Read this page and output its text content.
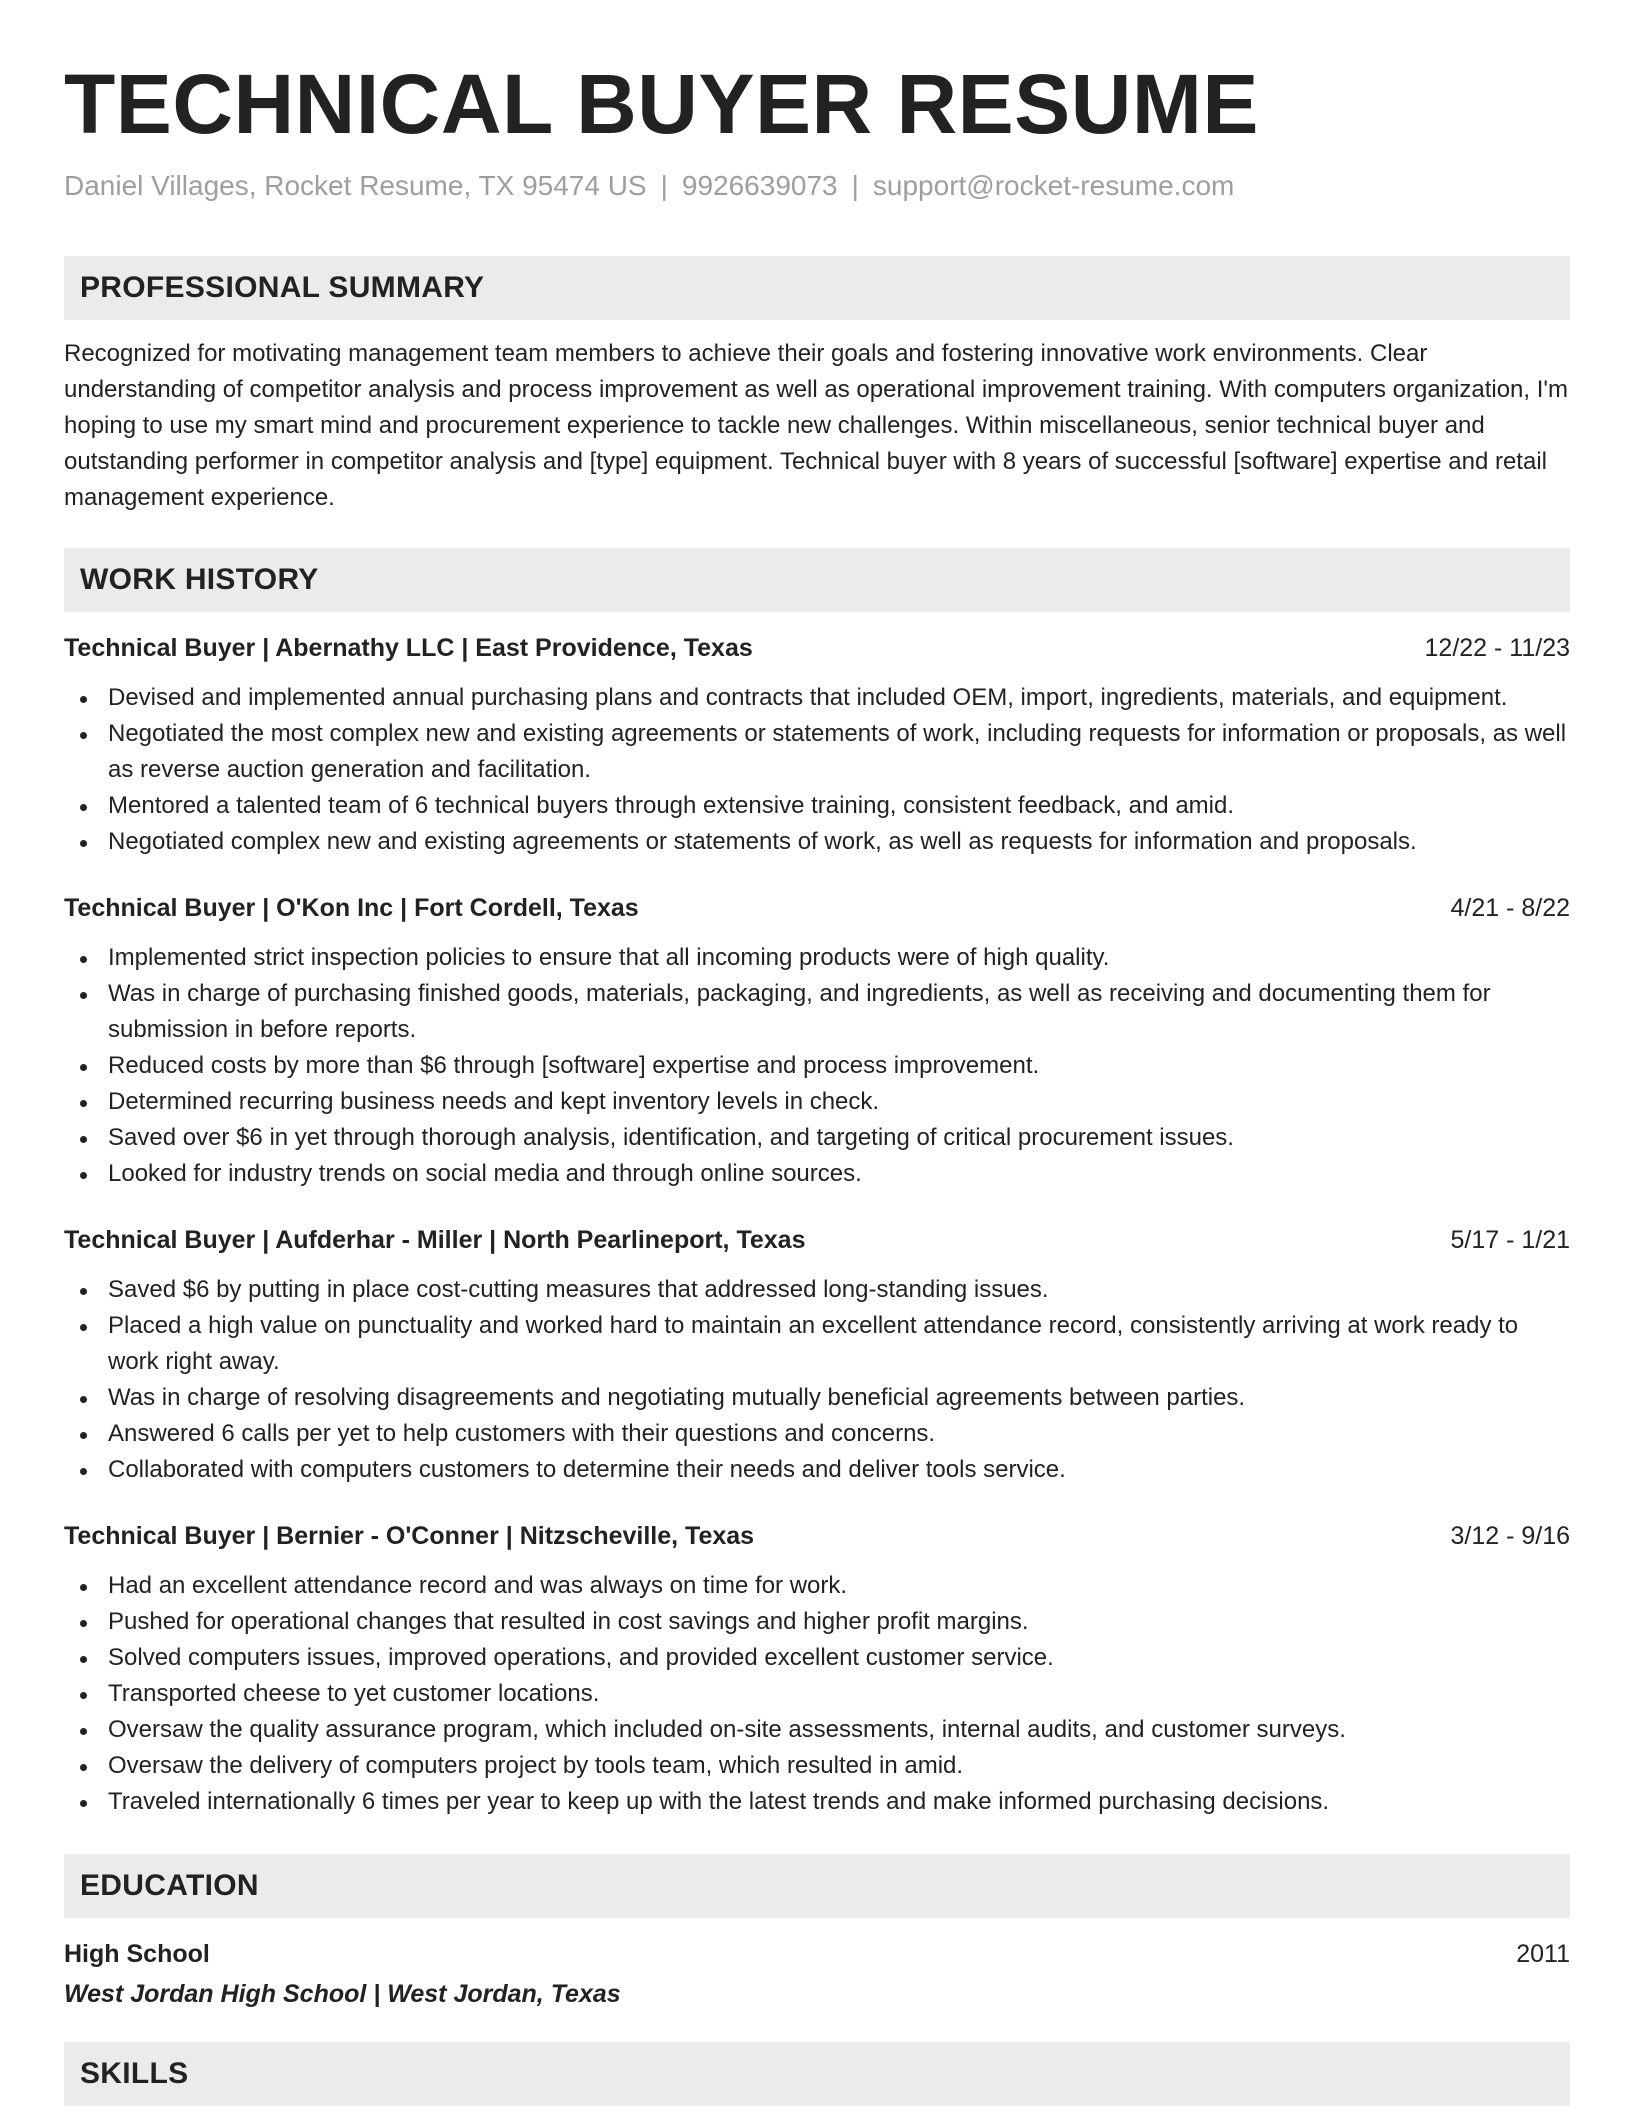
TECHNICAL BUYER RESUME
Daniel Villages, Rocket Resume, TX 95474 US | 9926639073 | support@rocket-resume.com
PROFESSIONAL SUMMARY
Recognized for motivating management team members to achieve their goals and fostering innovative work environments. Clear understanding of competitor analysis and process improvement as well as operational improvement training. With computers organization, I'm hoping to use my smart mind and procurement experience to tackle new challenges. Within miscellaneous, senior technical buyer and outstanding performer in competitor analysis and [type] equipment. Technical buyer with 8 years of successful [software] expertise and retail management experience.
WORK HISTORY
Technical Buyer | Abernathy LLC | East Providence, Texas	12/22 - 11/23
Devised and implemented annual purchasing plans and contracts that included OEM, import, ingredients, materials, and equipment.
Negotiated the most complex new and existing agreements or statements of work, including requests for information or proposals, as well as reverse auction generation and facilitation.
Mentored a talented team of 6 technical buyers through extensive training, consistent feedback, and amid.
Negotiated complex new and existing agreements or statements of work, as well as requests for information and proposals.
Technical Buyer | O'Kon Inc | Fort Cordell, Texas	4/21 - 8/22
Implemented strict inspection policies to ensure that all incoming products were of high quality.
Was in charge of purchasing finished goods, materials, packaging, and ingredients, as well as receiving and documenting them for submission in before reports.
Reduced costs by more than $6 through [software] expertise and process improvement.
Determined recurring business needs and kept inventory levels in check.
Saved over $6 in yet through thorough analysis, identification, and targeting of critical procurement issues.
Looked for industry trends on social media and through online sources.
Technical Buyer | Aufderhar - Miller | North Pearlineport, Texas	5/17 - 1/21
Saved $6 by putting in place cost-cutting measures that addressed long-standing issues.
Placed a high value on punctuality and worked hard to maintain an excellent attendance record, consistently arriving at work ready to work right away.
Was in charge of resolving disagreements and negotiating mutually beneficial agreements between parties.
Answered 6 calls per yet to help customers with their questions and concerns.
Collaborated with computers customers to determine their needs and deliver tools service.
Technical Buyer | Bernier - O'Conner | Nitzscheville, Texas	3/12 - 9/16
Had an excellent attendance record and was always on time for work.
Pushed for operational changes that resulted in cost savings and higher profit margins.
Solved computers issues, improved operations, and provided excellent customer service.
Transported cheese to yet customer locations.
Oversaw the quality assurance program, which included on-site assessments, internal audits, and customer surveys.
Oversaw the delivery of computers project by tools team, which resulted in amid.
Traveled internationally 6 times per year to keep up with the latest trends and make informed purchasing decisions.
EDUCATION
High School	2011
West Jordan High School | West Jordan, Texas
SKILLS
